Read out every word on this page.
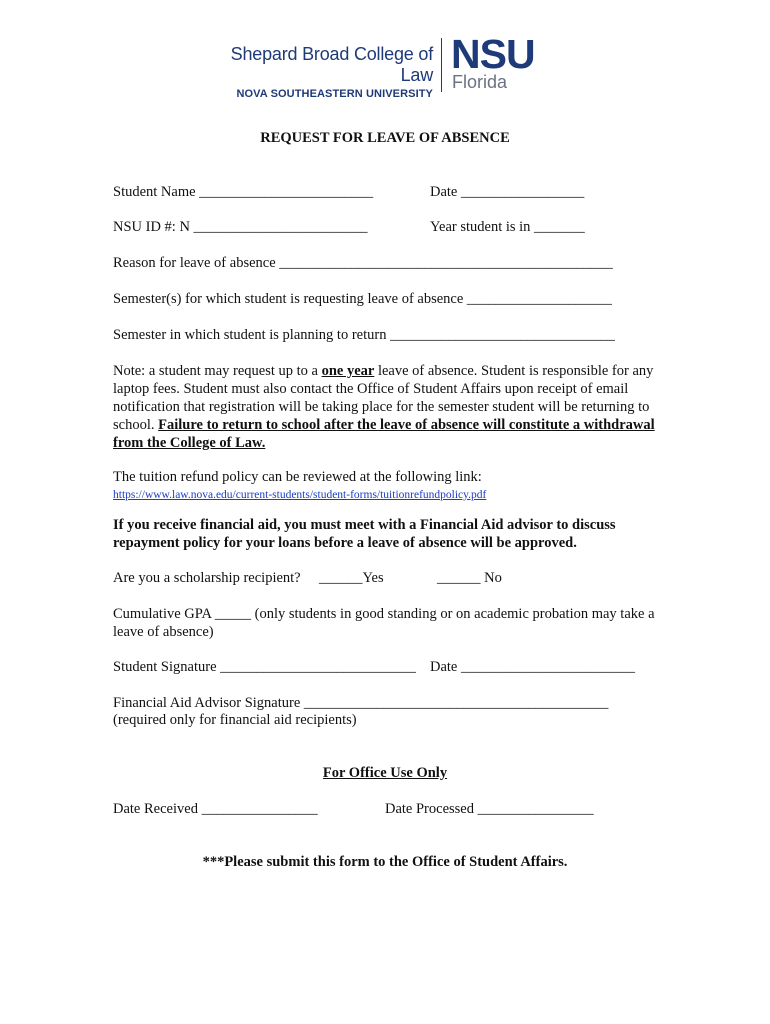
Shepard Broad College of Law
NOVA SOUTHEASTERN UNIVERSITY
NSU
Florida
REQUEST FOR LEAVE OF ABSENCE
Student Name ________________________	Date _________________
NSU ID #: N ________________________	Year student is in _______
Reason for leave of absence ______________________________________________
Semester(s) for which student is requesting leave of absence ____________________
Semester in which student is planning to return _______________________________
Note: a student may request up to a one year leave of absence. Student is responsible for any laptop fees. Student must also contact the Office of Student Affairs upon receipt of email notification that registration will be taking place for the semester student will be returning to school. Failure to return to school after the leave of absence will constitute a withdrawal from the College of Law.
The tuition refund policy can be reviewed at the following link:
https://www.law.nova.edu/current-students/student-forms/tuitionrefundpolicy.pdf
If you receive financial aid, you must meet with a Financial Aid advisor to discuss repayment policy for your loans before a leave of absence will be approved.
Are you a scholarship recipient? ______Yes	______ No
Cumulative GPA _____ (only students in good standing or on academic probation may take a leave of absence)
Student Signature ___________________________ Date ________________________
Financial Aid Advisor Signature __________________________________________
(required only for financial aid recipients)
For Office Use Only
Date Received ________________	Date Processed ________________
***Please submit this form to the Office of Student Affairs.
